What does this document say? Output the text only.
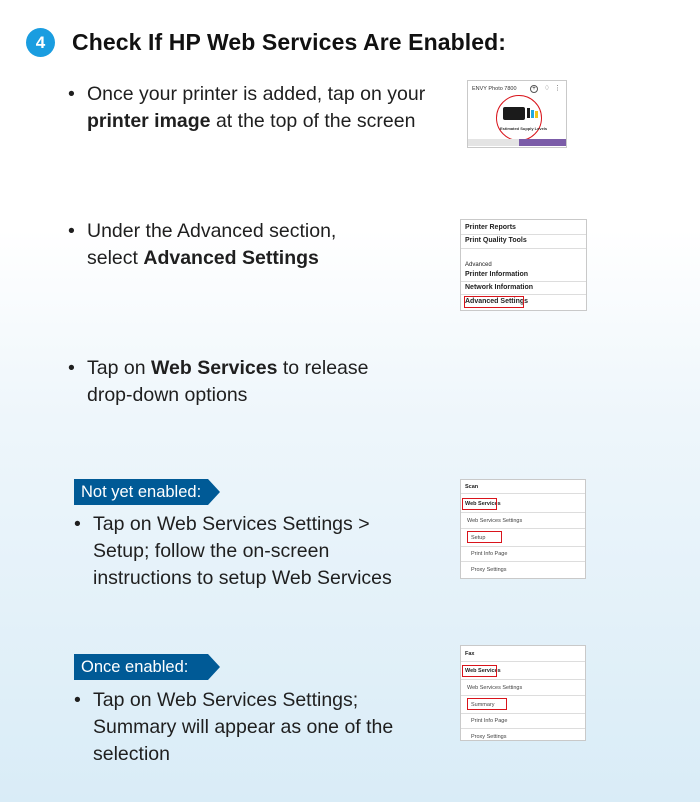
4	Check If HP Web Services Are Enabled:
• Once your printer is added, tap on your printer image at the top of the screen
• Under the Advanced section, select Advanced Settings
• Tap on Web Services to release drop-down options
Not yet enabled:
• Tap on Web Services Settings > Setup; follow the on-screen instructions to setup Web Services
Once enabled:
• Tap on Web Services Settings; Summary will appear as one of the selection
ENVY Photo 7800	+	♢ ⋮
Estimated Supply Levels
Printer Reports
Print Quality Tools
Advanced
Printer Information
Network Information
Advanced Settings
Scan
Web Services
Web Services Settings
Setup
Print Info Page
Proxy Settings
Fax
Web Services
Web Services Settings
Summary
Print Info Page
Proxy Settings
